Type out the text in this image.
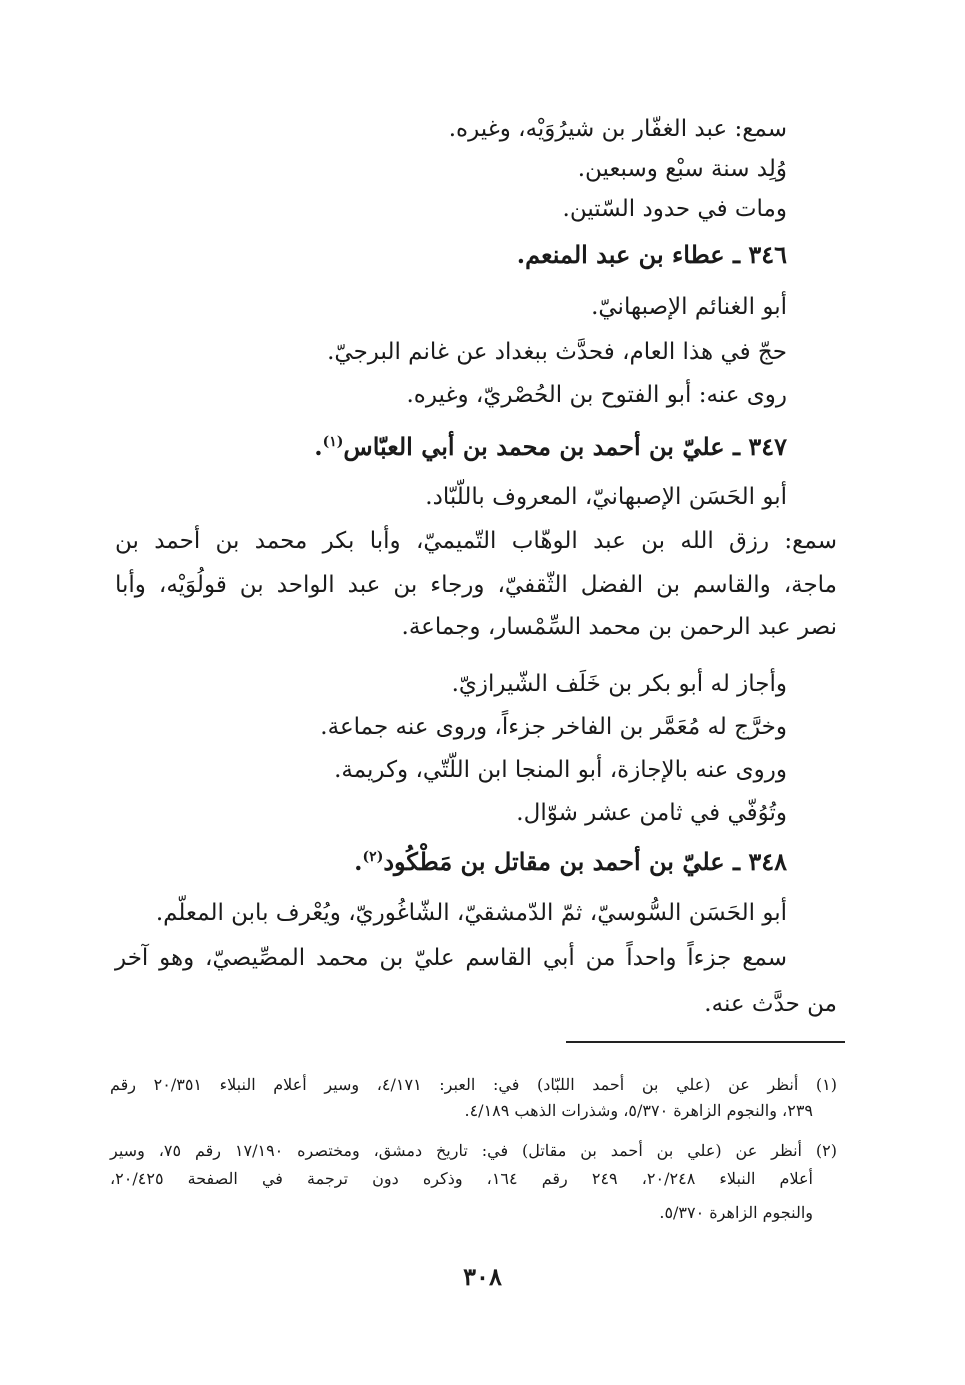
سمع: عبد الغفّار بن شيرُوَيْه، وغيره.
وُلِد سنة سبْع وسبعين.
ومات في حدود السّتين.
٣٤٦ ـ عطاء بن عبد المنعم.
أبو الغنائم الإصبهانيّ.
حجّ في هذا العام، فحدَّث ببغداد عن غانم البرجيّ.
روى عنه: أبو الفتوح بن الحُصْريّ، وغيره.
٣٤٧ ـ عليّ بن أحمد بن محمد بن أبي العبّاس$^{(١)}$.
أبو الحَسَن الإصبهانيّ، المعروف باللّبّاد.
سمع: رزق الله بن عبد الوهّاب التّميميّ، وأبا بكر محمد بن أحمد بن
ماجة، والقاسم بن الفضل الثّقفيّ، ورجاء بن عبد الواحد بن قولُوَيْه، وأبا
نصر عبد الرحمن بن محمد السِّمْسار، وجماعة.
وأجاز له أبو بكر بن خَلَف الشّيرازيّ.
وخرَّج له مُعَمَّر بن الفاخر جزءاً، وروى عنه جماعة.
وروى عنه بالإجازة، أبو المنجا ابن اللّتّي، وكريمة.
وتُوُفّي في ثامن عشر شوّال.
٣٤٨ ـ عليّ بن أحمد بن مقاتل بن مَطْكُود$^{(٢)}$.
أبو الحَسَن السُّوسيّ، ثمّ الدّمشقيّ، الشّاغُوريّ، ويُعْرف بابن المعلّم.
سمع جزءاً واحداً من أبي القاسم عليّ بن محمد المصِّيصيّ، وهو آخر
من حدَّث عنه.
(١) أنظر عن (علي بن أحمد اللبّاد) في: العبر: ٤/١٧١، وسير أعلام النبلاء ٢٠/٣٥١ رقم
٢٣٩، والنجوم الزاهرة ٥/٣٧٠، وشذرات الذهب ٤/١٨٩.
(٢) أنظر عن (علي بن أحمد بن مقاتل) في: تاريخ دمشق، ومختصره ١٧/١٩٠ رقم ٧٥، وسير
أعلام النبلاء ٢٠/٢٤٨، ٢٤٩ رقم ١٦٤، وذكره دون ترجمة في الصفحة ٢٠/٤٢٥،
والنجوم الزاهرة ٥/٣٧٠.
٣٠٨
